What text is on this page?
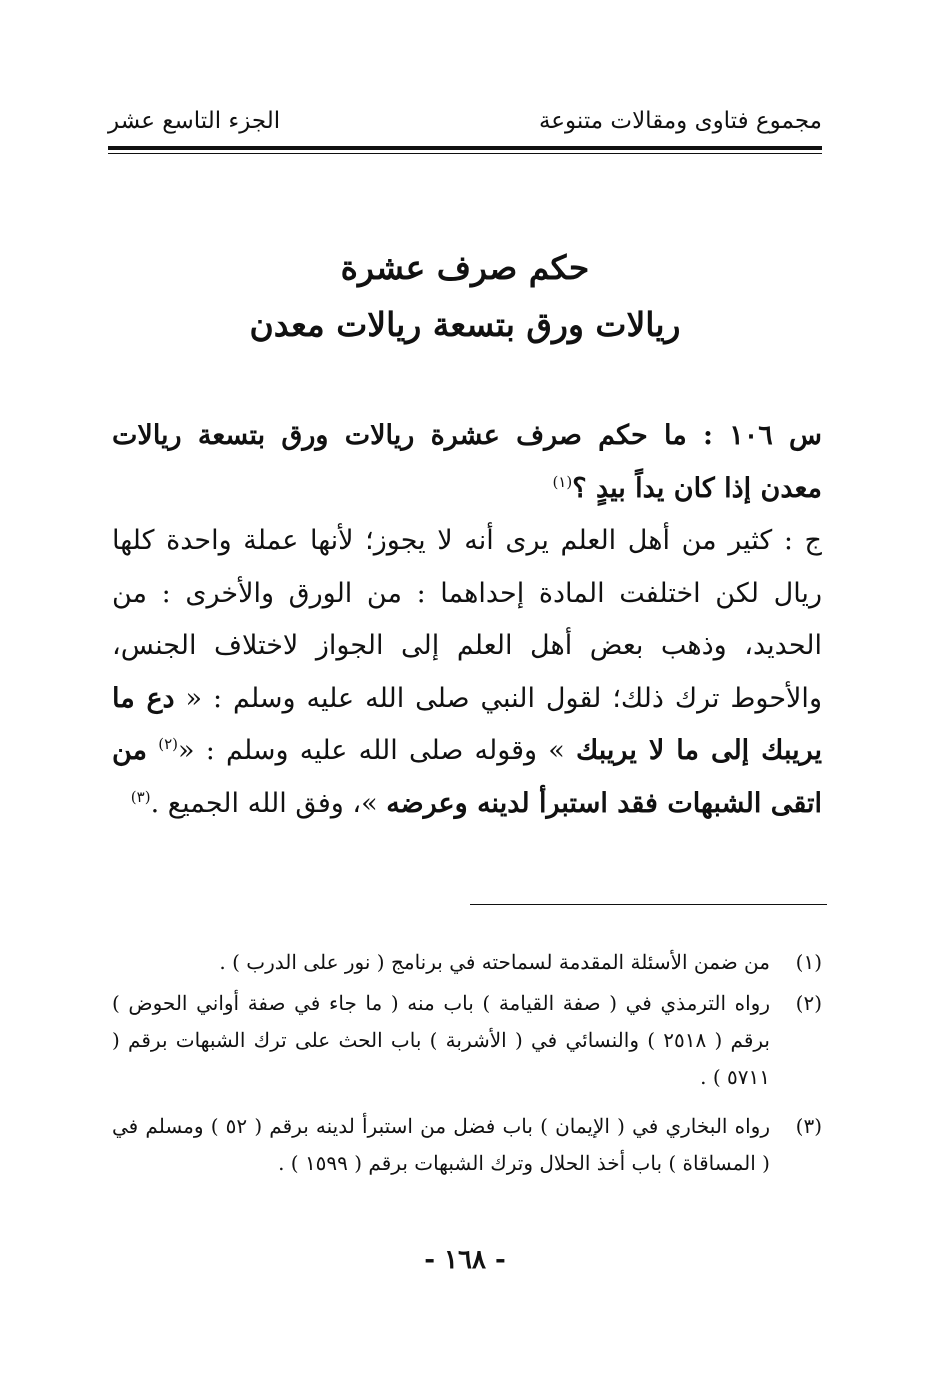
مجموع فتاوى ومقالات متنوعة
الجزء التاسع عشر
حكم صرف عشرة
ريالات ورق بتسعة ريالات معدن
س ١٠٦ : ما حكم صرف عشرة ريالات ورق بتسعة ريالات معدن إذا كان يداً بيدٍ ؟$^{(١)}$
ج : كثير من أهل العلم يرى أنه لا يجوز؛ لأنها عملة واحدة كلها ريال لكن اختلفت المادة إحداهما : من الورق والأخرى : من الحديد، وذهب بعض أهل العلم إلى الجواز لاختلاف الجنس، والأحوط ترك ذلك؛ لقول النبي صلى الله عليه وسلم : « دع ما يريبك إلى ما لا يريبك » وقوله صلى الله عليه وسلم : «$^{(٢)}$ من اتقى الشبهات فقد استبرأ لدينه وعرضه »، وفق الله الجميع .$^{(٣)}$
(١)
من ضمن الأسئلة المقدمة لسماحته في برنامج ( نور على الدرب ) .
(٢)
رواه الترمذي في ( صفة القيامة ) باب منه ( ما جاء في صفة أواني الحوض ) برقم ( ٢٥١٨ ) والنسائي في ( الأشربة ) باب الحث على ترك الشبهات برقم ( ٥٧١١ ) .
(٣)
رواه البخاري في ( الإيمان ) باب فضل من استبرأ لدينه برقم ( ٥٢ ) ومسلم في ( المساقاة ) باب أخذ الحلال وترك الشبهات برقم ( ١٥٩٩ ) .
- ١٦٨ -
